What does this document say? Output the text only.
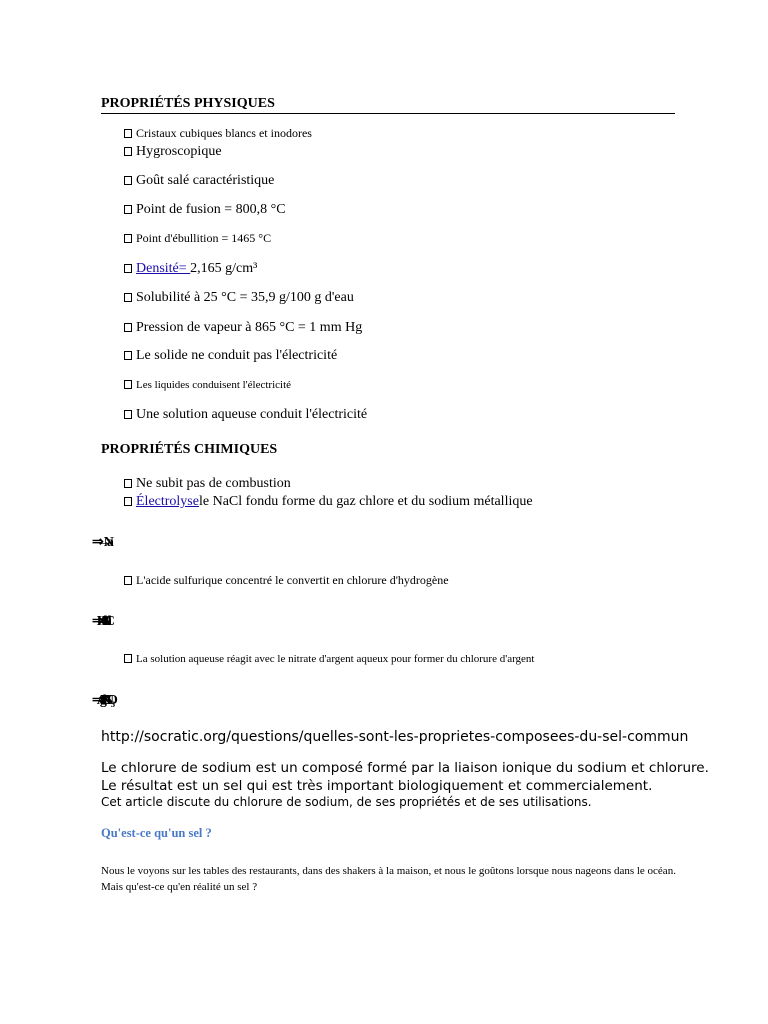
PROPRIÉTÉS PHYSIQUES
Cristaux cubiques blancs et inodores
Hygroscopique
Goût salé caractéristique
Point de fusion = 800,8 °C
Point d'ébullition = 1465 °C
Densité= 2,165 g/cm³
Solubilité à 25 °C = 35,9 g/100 g d'eau
Pression de vapeur à 865 °C = 1 mm Hg
Le solide ne conduit pas l'électricité
Les liquides conduisent l'électricité
Une solution aqueuse conduit l'électricité
PROPRIÉTÉS CHIMIQUES
Ne subit pas de combustion
Électrolysele NaCl fondu forme du gaz chlore et du sodium métallique
⇒→Na
L'acide sulfurique concentré le convertit en chlorure d'hydrogène
⇒HCl+NaCl
La solution aqueuse réagit avec le nitrate d'argent aqueux pour former du chlorure d'argent
⇒AgCl+NaNO₃
http://socratic.org/questions/quelles-sont-les-proprietes-composees-du-sel-commun
Le chlorure de sodium est un composé formé par la liaison ionique du sodium et chlorure. Le résultat est un sel qui est très important biologiquement et commercialement.
Cet article discute du chlorure de sodium, de ses propriétés et de ses utilisations.
Qu'est-ce qu'un sel ?
Nous le voyons sur les tables des restaurants, dans des shakers à la maison, et nous le goûtons lorsque nous nageons dans le océan. Mais qu'est-ce qu'en réalité un sel ?
